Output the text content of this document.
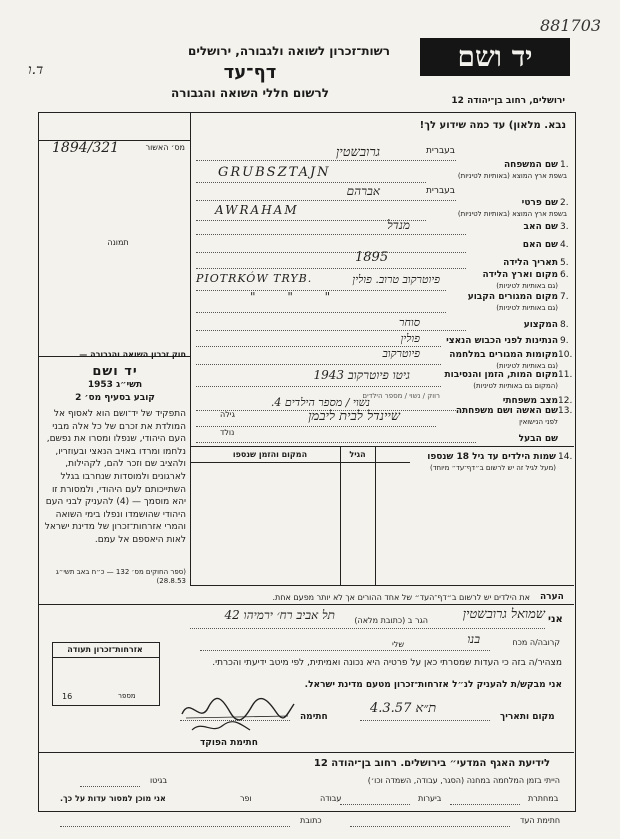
881703
ד.ו
רשות־זכרון לשואה ולגבורה, ירושלים	יד ושם
דף־עד
לרשום חללי השואה והגבורה
ירושלים, רחוב בן־יהודה 12
נבא. מלאון) עד כמה שידוע לך!
מס׳ האשור
1894/321
תמונה
חוק זכרון השואה והגבורה —
יד ושם
תשי״ג 1953
קובע בסעיף מס׳ 2
התפקיד של יד־ושם הוא לאסוף אל המולדת את זכרם של כל אלה מבני העם היהודי, שנפלו ומסרו את נפשם, נלחמו ומרדו באויב הנאצי ובעוזריו, ולהציב שם וזכר להם, לקהילות, לארגונים ולמוסדות שנחרבו בגלל השתייכותם לעם היהודי, ולמסורת זו יהא מוסמך — (4) להעניק לבני העם היהודי שהושמדו ונפלו בימי השואה והמרי אזרחות־זכרון של מדינת ישראל לאות היאספם אל עמם.
(ספר החוקים מס׳ 132 — כ״ח באב תשי״ג 28.8.53)
בעברית
שם המשפחה 1.
בשפת ארץ המוצא (באותיות לטיניות)
גרובשטין
GRUBSZTAJN
בעברית
שם פרטי 2.
בשפת ארץ המוצא (באותיות לטיניות)
אברהם
AWRAHAM
שם האב 3.
מנדל
שם האם 4.
תאריך הלידה 5.
1895
מקום וארץ הלידה 6.
(גם באותיות לטיניות)
PIOTRKÓW TRYB.	פיוטרקוב טרוב. פולין
מקום המגורים הקבוע 7.
(גם באותיות לטיניות)
" " "
המקצוע 8.
סוחר
הנתינות לפני הכבוש הנאצי 9.
פולין
מקומות המגורים במלחמה 10.
(גם באותיות לטיניות)
פיוטרקוב
מקום המות, הזמן והנסיבות 11.
(המקום גם באותיות לטיניות)
גיטו פיוטרקוב 1943
מצב משפחתי 12.
רווק / נשוי / מספר הילדים
נשוי / מספר הילדים 4.
שם האשה ושם משפחתה 13.
לפני הנישואין
שיינדל לבית ליבמן
גילה
נולד
שם הבעל
14.
שמות הילדים עד גיל 18 שנספו
(מעל לגיל זה יש לרשום ב״דף־עד״ מיוחד)
הגיל
המקום והזמן שנספו
הערה
את הילדים יש לרשום ב״דף־העד״ של אחד ההורים אך לא יותר מפעם אחת.
אני
שמואל גרובשטין
הגר ב (כתובת מלאה)
תל אביב רח׳ ירמיהו 42
קרובה/ה מכח
בנו
שלי
מצהיר/ה בזה כי העדות שמסרתי כאן על פרטיה היא נכונה ואמיתית, לפי מיטב ידיעתי והכרתי.
אני מבקש/ת להעניק לנ״ל אזרחות־זכרון מטעם מדינת ישראל.
מקום ותאריך
ת״א 4.3.57
חתימה
חתימת הפוקד
אזרחות־זכרון תעודה
מספר
16
לידיעת האגף המדעי״ בירושלים. רחוב בן־יהודה 12
הייתי בזמן המלחמה במחנה (הסגר, עבודה, השמדה וכו׳)
בגיטו
במחתרת
ביערות
עבודה
ופר
אני מוכן למסור עדות על כך.
חתימת העד
כתובת
